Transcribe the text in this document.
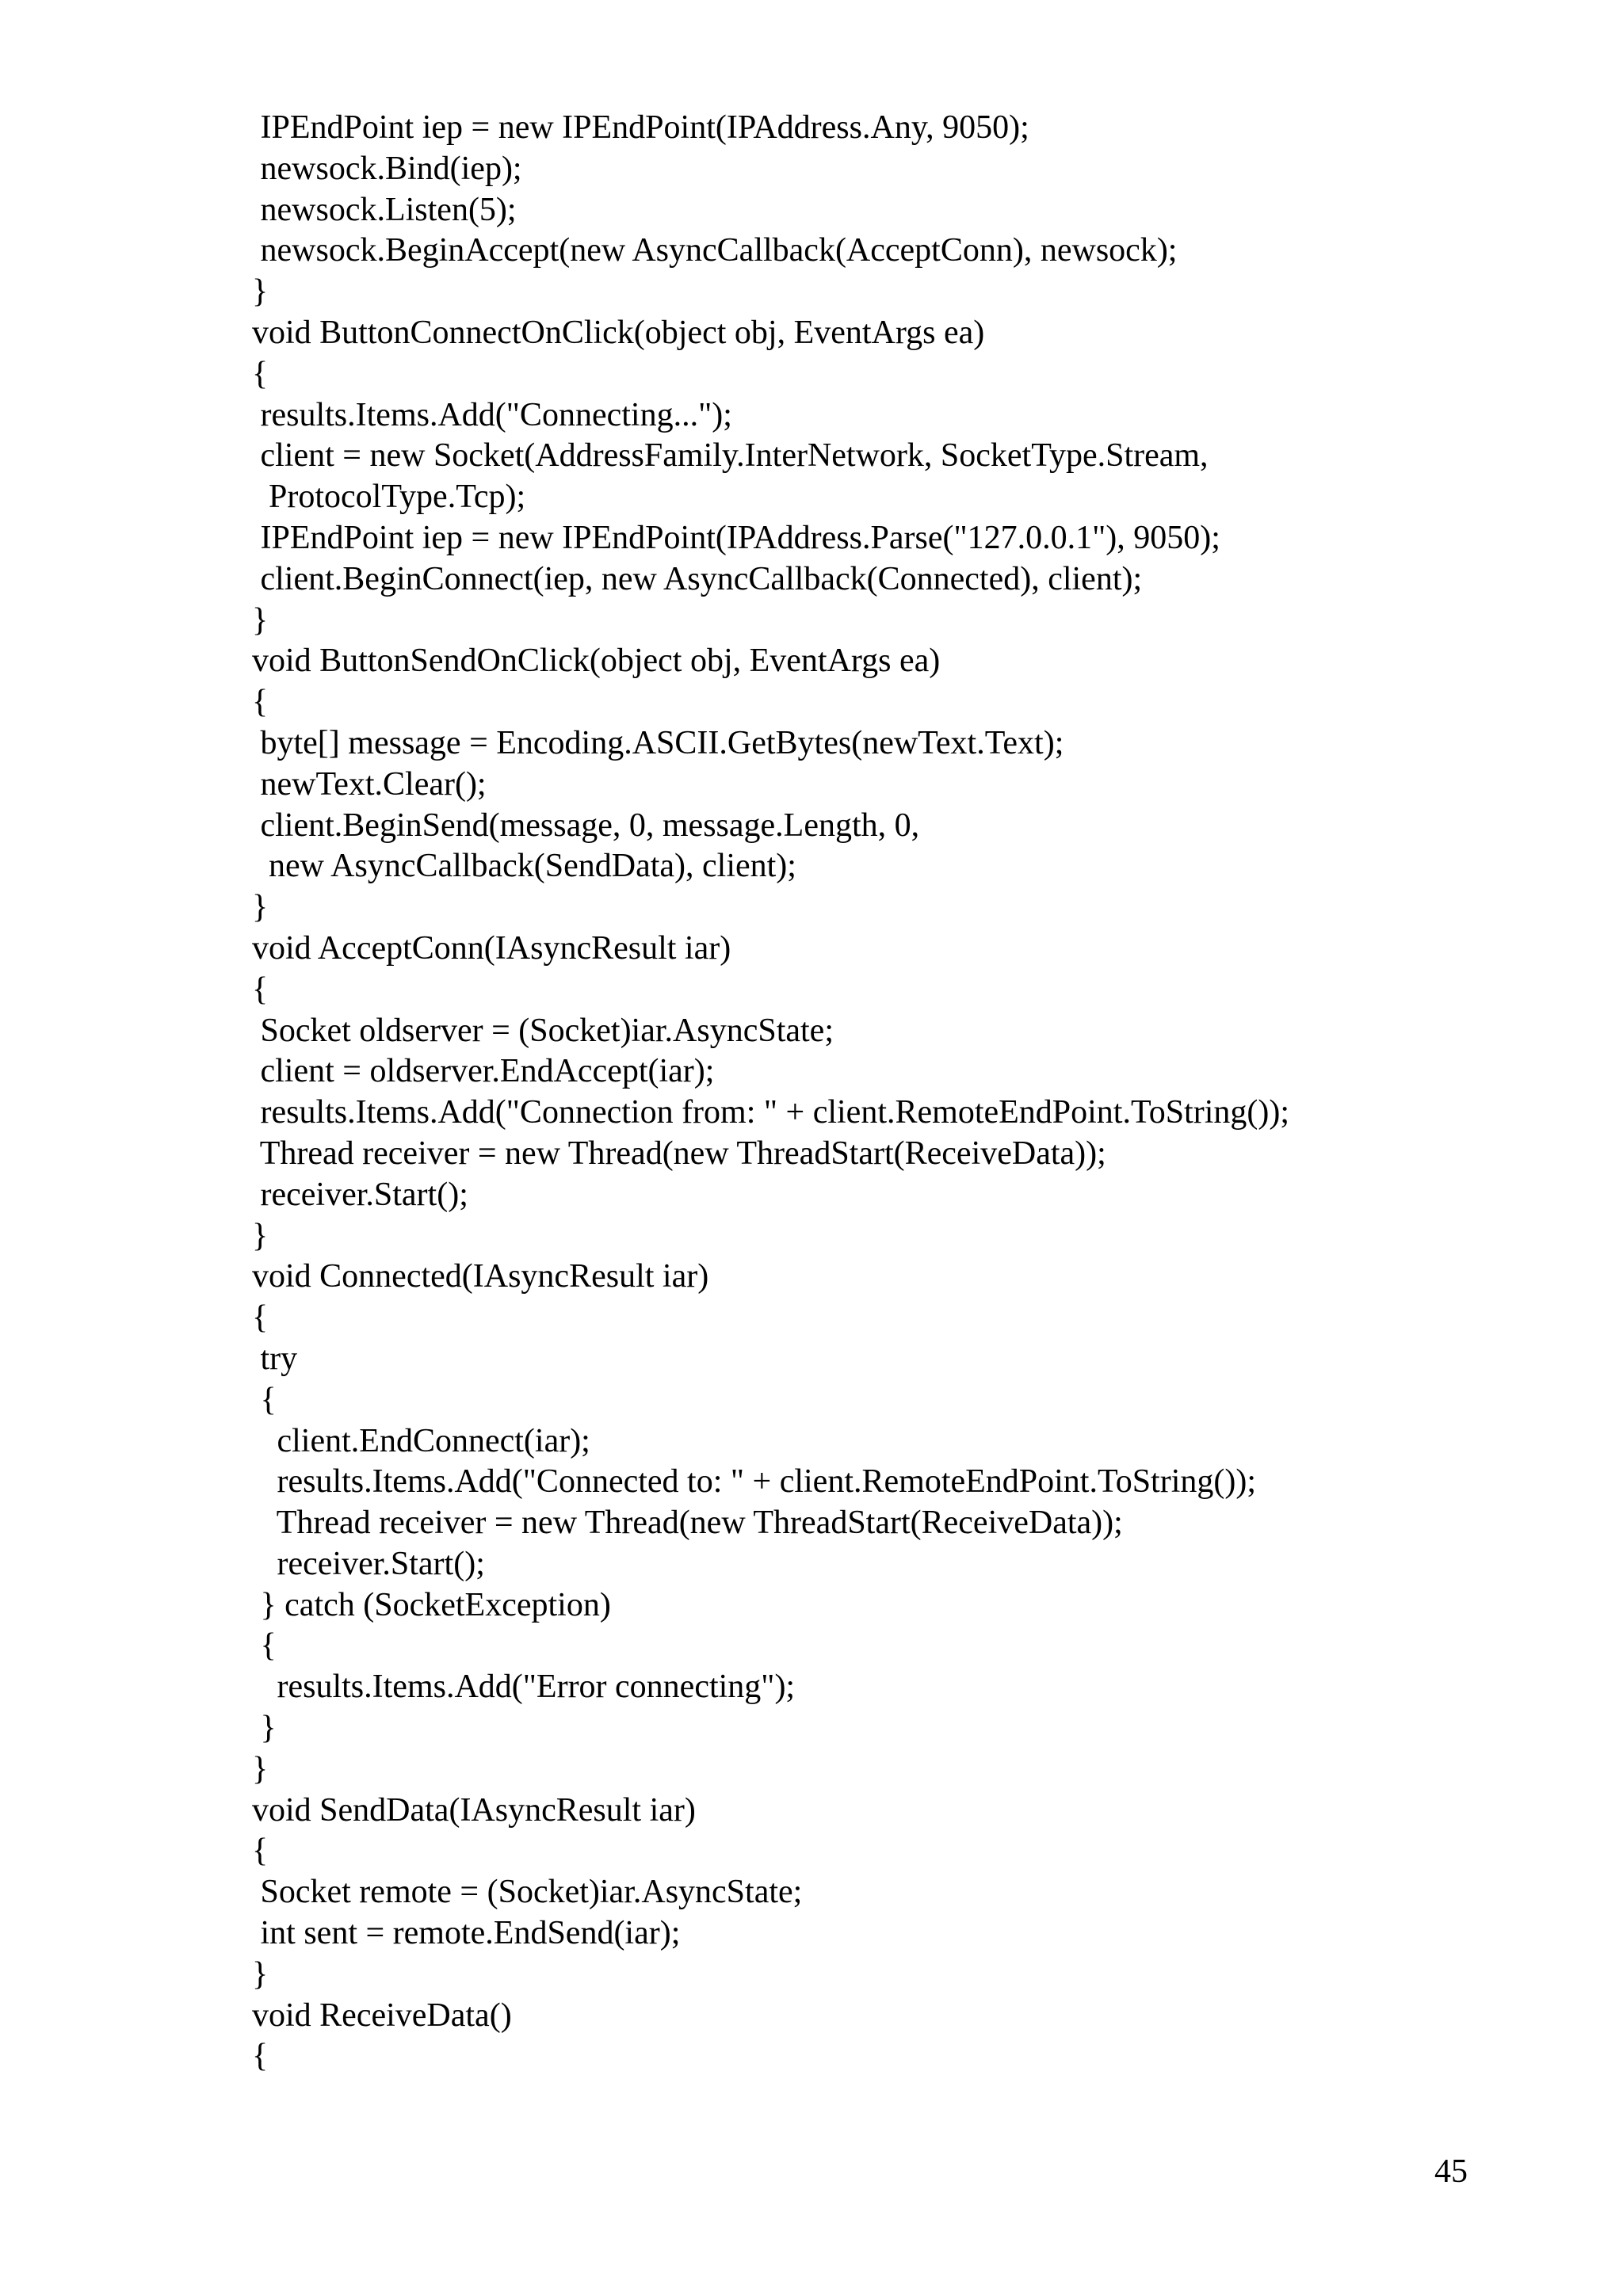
IPEndPoint iep = new IPEndPoint(IPAddress.Any, 9050);
newsock.Bind(iep);
newsock.Listen(5);
newsock.BeginAccept(new AsyncCallback(AcceptConn), newsock);
}
void ButtonConnectOnClick(object obj, EventArgs ea)
{
results.Items.Add("Connecting...");
client = new Socket(AddressFamily.InterNetwork, SocketType.Stream,
ProtocolType.Tcp);
IPEndPoint iep = new IPEndPoint(IPAddress.Parse("127.0.0.1"), 9050);
client.BeginConnect(iep, new AsyncCallback(Connected), client);
}
void ButtonSendOnClick(object obj, EventArgs ea)
{
byte[] message = Encoding.ASCII.GetBytes(newText.Text);
newText.Clear();
client.BeginSend(message, 0, message.Length, 0,
new AsyncCallback(SendData), client);
}
void AcceptConn(IAsyncResult iar)
{
Socket oldserver = (Socket)iar.AsyncState;
client = oldserver.EndAccept(iar);
results.Items.Add("Connection from: " + client.RemoteEndPoint.ToString());
Thread receiver = new Thread(new ThreadStart(ReceiveData));
receiver.Start();
}
void Connected(IAsyncResult iar)
{
try
{
client.EndConnect(iar);
results.Items.Add("Connected to: " + client.RemoteEndPoint.ToString());
Thread receiver = new Thread(new ThreadStart(ReceiveData));
receiver.Start();
} catch (SocketException)
{
results.Items.Add("Error connecting");
}
}
void SendData(IAsyncResult iar)
{
Socket remote = (Socket)iar.AsyncState;
int sent = remote.EndSend(iar);
}
void ReceiveData()
{
45
